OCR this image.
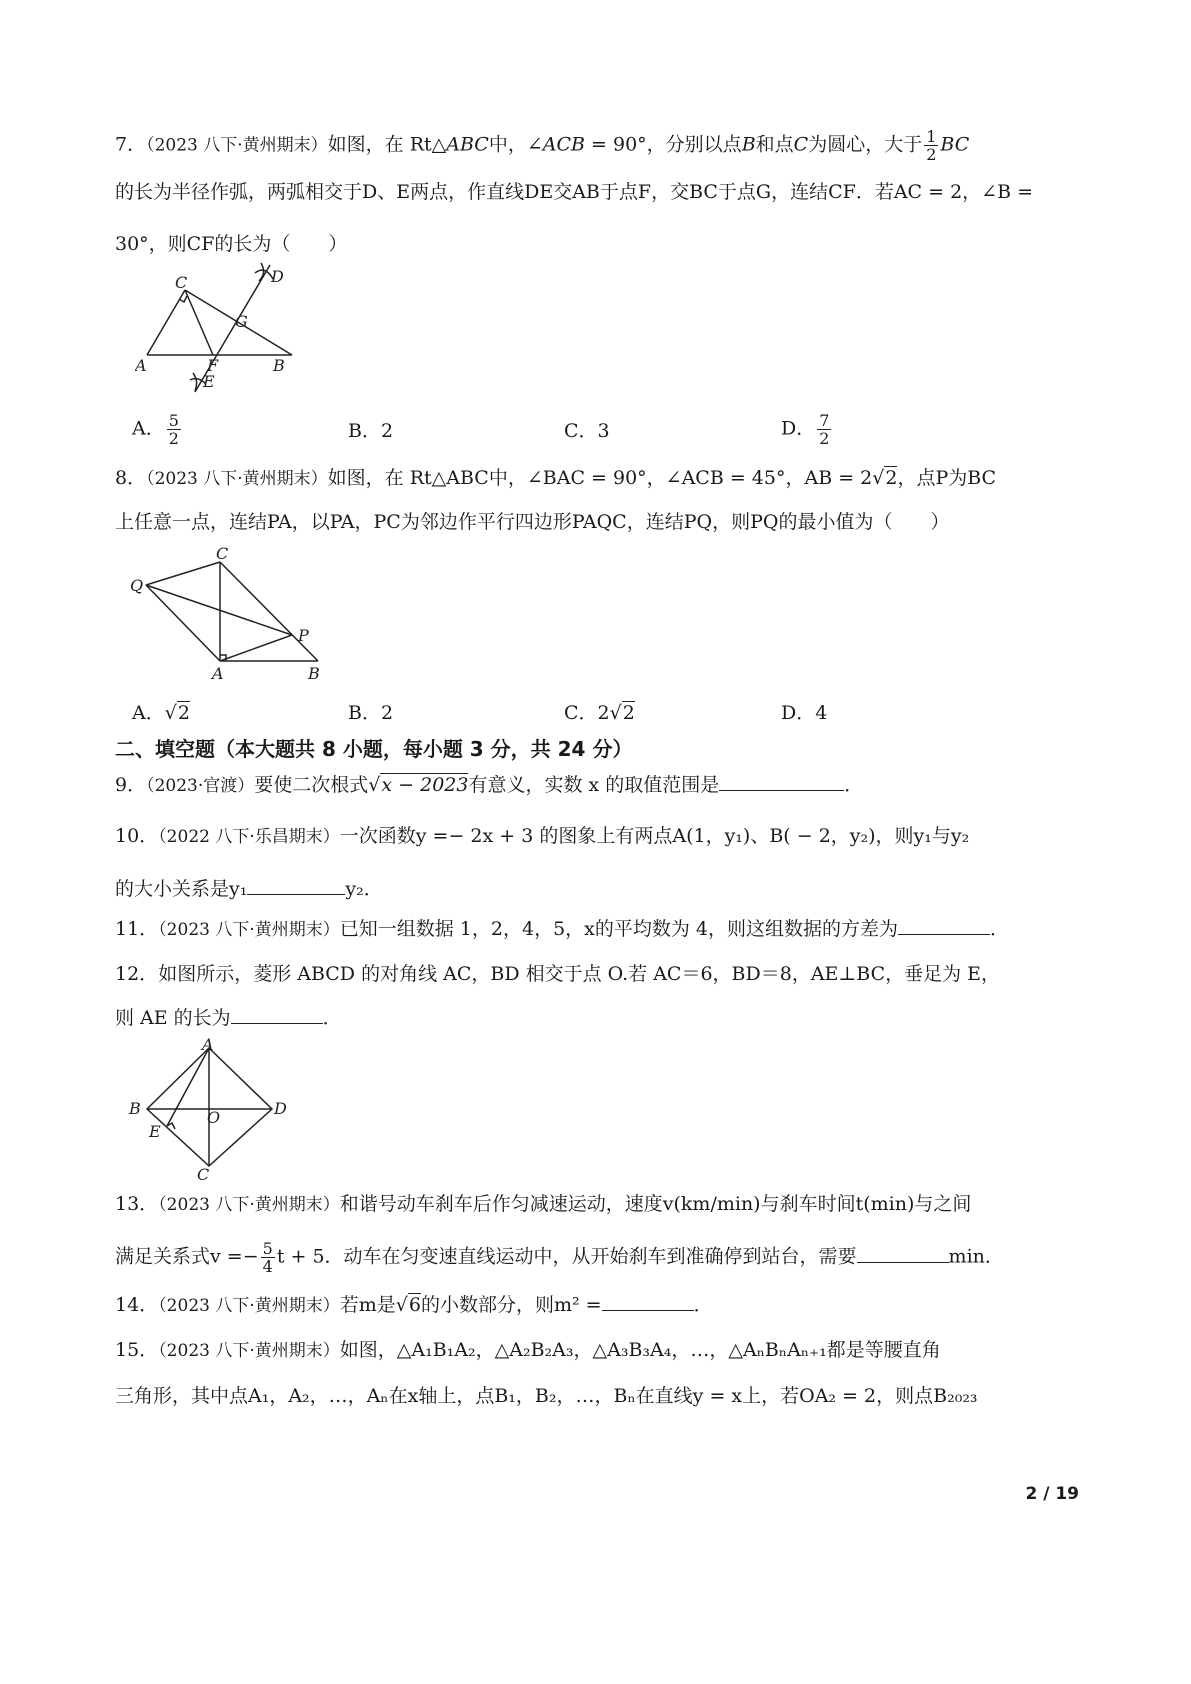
7．（2023 八下·黄州期末）如图，在 Rt△ABC中，∠ACB = 90°，分别以点B和点C为圆心，大于 $\frac{1}{2}$ BC
的长为半径作弧，两弧相交于D、E两点，作直线DE交AB于点F，交BC于点G，连结CF．若AC = 2，∠B =
30°，则CF的长为（　　）
C	D
G
A	F	B
E
A． $\frac{5}{2}$	B．2	C．3	D． $\frac{7}{2}$
8．（2023 八下·黄州期末）如图，在 Rt△ABC中，∠BAC = 90°，∠ACB = 45°，AB = 2√2，点P为BC
上任意一点，连结PA，以PA，PC为邻边作平行四边形PAQC，连结PQ，则PQ的最小值为（　　）
C
Q
P
A	B
A．√2	B．2	C．2√2	D．4
二、填空题（本大题共 8 小题，每小题 3 分，共 24 分）
9．（2023·官渡）要使二次根式√x − 2023有意义，实数 x 的取值范围是	．
10．（2022 八下·乐昌期末）一次函数y =− 2x + 3 的图象上有两点A(1，y₁)、B( − 2，y₂)，则y₁与y₂
的大小关系是y₁	y₂．
11．（2023 八下·黄州期末）已知一组数据 1，2，4，5，x的平均数为 4，则这组数据的方差为	．
12．如图所示，菱形 ABCD 的对角线 AC，BD 相交于点 O.若 AC＝6，BD＝8，AE⊥BC，垂足为 E，
则 AE 的长为	．
A
B	O	D
E
C
13．（2023 八下·黄州期末）和谐号动车刹车后作匀减速运动，速度v(km/min)与刹车时间t(min)与之间
满足关系式$v =- \frac{5}{4}$ t + 5．动车在匀变速直线运动中，从开始刹车到准确停到站台，需要	min．
14．（2023 八下·黄州期末）若m是√6的小数部分，则m² =	．
15．（2023 八下·黄州期末）如图，△A₁B₁A₂，△A₂B₂A₃，△A₃B₃A₄，…，△AₙBₙAₙ₊₁都是等腰直角
三角形，其中点A₁，A₂，…，Aₙ在x轴上，点B₁，B₂，…，Bₙ在直线y = x上，若OA₂ = 2，则点B₂₀₂₃
2 / 19
